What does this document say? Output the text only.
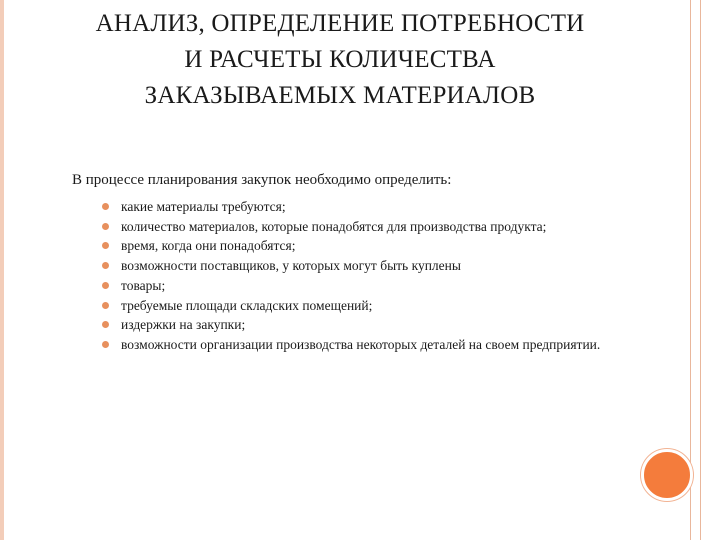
АНАЛИЗ, ОПРЕДЕЛЕНИЕ ПОТРЕБНОСТИ
И РАСЧЕТЫ КОЛИЧЕСТВА
ЗАКАЗЫВАЕМЫХ МАТЕРИАЛОВ

В процессе планирования закупок необходимо определить:

какие материалы требуются;
количество материалов, которые понадобятся для производства продукта;
время, когда они понадобятся;
возможности поставщиков, у которых могут быть куплены
товары;
требуемые площади складских помещений;
издержки на закупки;
возможности организации производства некоторых деталей на своем предприятии.
